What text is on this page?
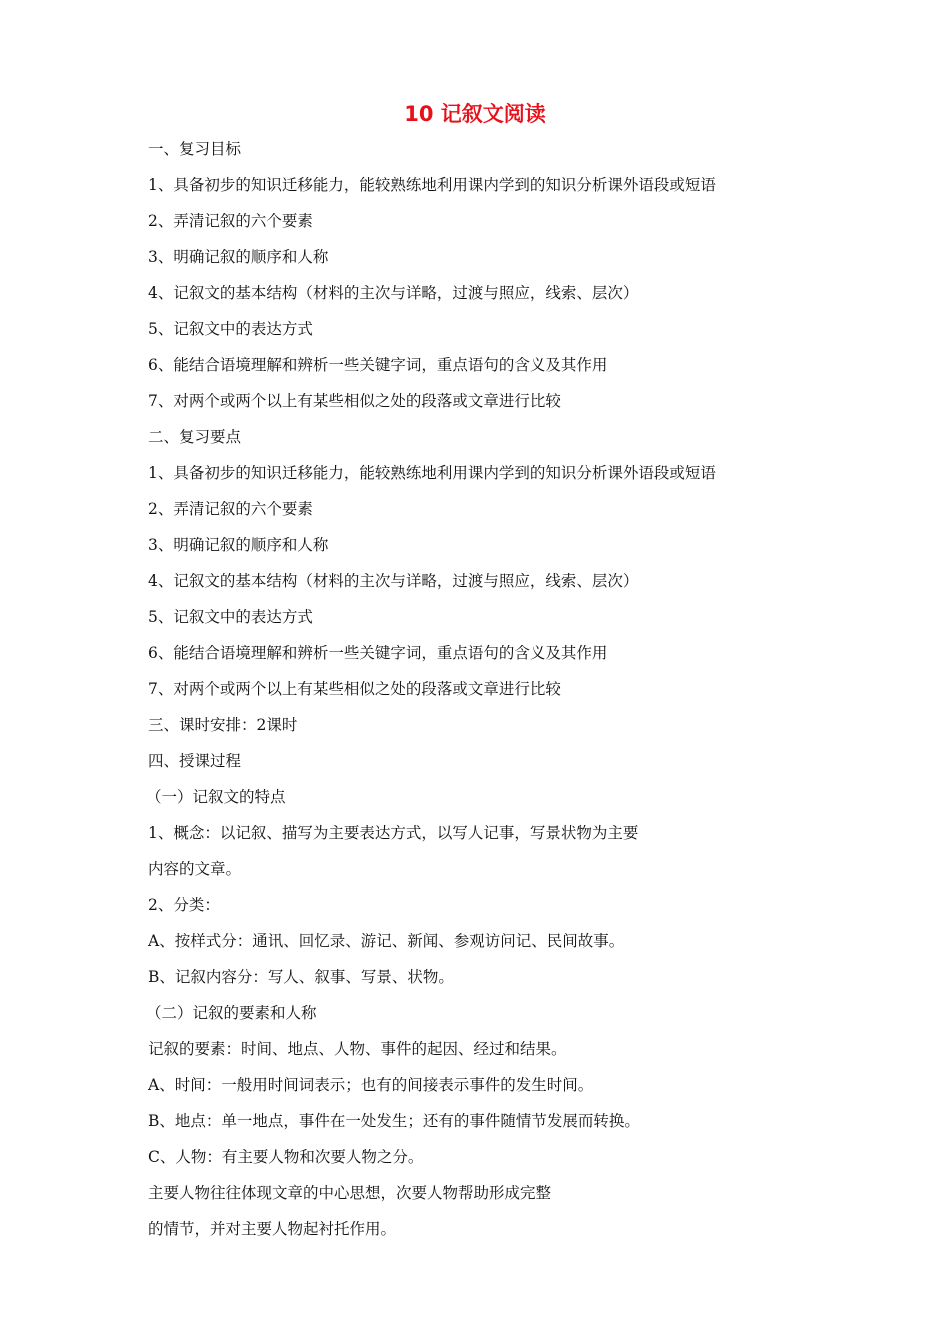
10 记叙文阅读
一、复习目标
1、具备初步的知识迁移能力，能较熟练地利用课内学到的知识分析课外语段或短语
2、弄清记叙的六个要素
3、明确记叙的顺序和人称
4、记叙文的基本结构（材料的主次与详略，过渡与照应，线索、层次）
5、记叙文中的表达方式
6、能结合语境理解和辨析一些关键字词，重点语句的含义及其作用
7、对两个或两个以上有某些相似之处的段落或文章进行比较
二、复习要点
1、具备初步的知识迁移能力，能较熟练地利用课内学到的知识分析课外语段或短语
2、弄清记叙的六个要素
3、明确记叙的顺序和人称
4、记叙文的基本结构（材料的主次与详略，过渡与照应，线索、层次）
5、记叙文中的表达方式
6、能结合语境理解和辨析一些关键字词，重点语句的含义及其作用
7、对两个或两个以上有某些相似之处的段落或文章进行比较
三、课时安排：2课时
四、授课过程
（一）记叙文的特点
1、概念：以记叙、描写为主要表达方式，以写人记事，写景状物为主要
内容的文章。
2、分类：
A、按样式分：通讯、回忆录、游记、新闻、参观访问记、民间故事。
B、记叙内容分：写人、叙事、写景、状物。
（二）记叙的要素和人称
记叙的要素：时间、地点、人物、事件的起因、经过和结果。
A、时间：一般用时间词表示；也有的间接表示事件的发生时间。
B、地点：单一地点，事件在一处发生；还有的事件随情节发展而转换。
C、人物：有主要人物和次要人物之分。
主要人物往往体现文章的中心思想，次要人物帮助形成完整
的情节，并对主要人物起衬托作用。
